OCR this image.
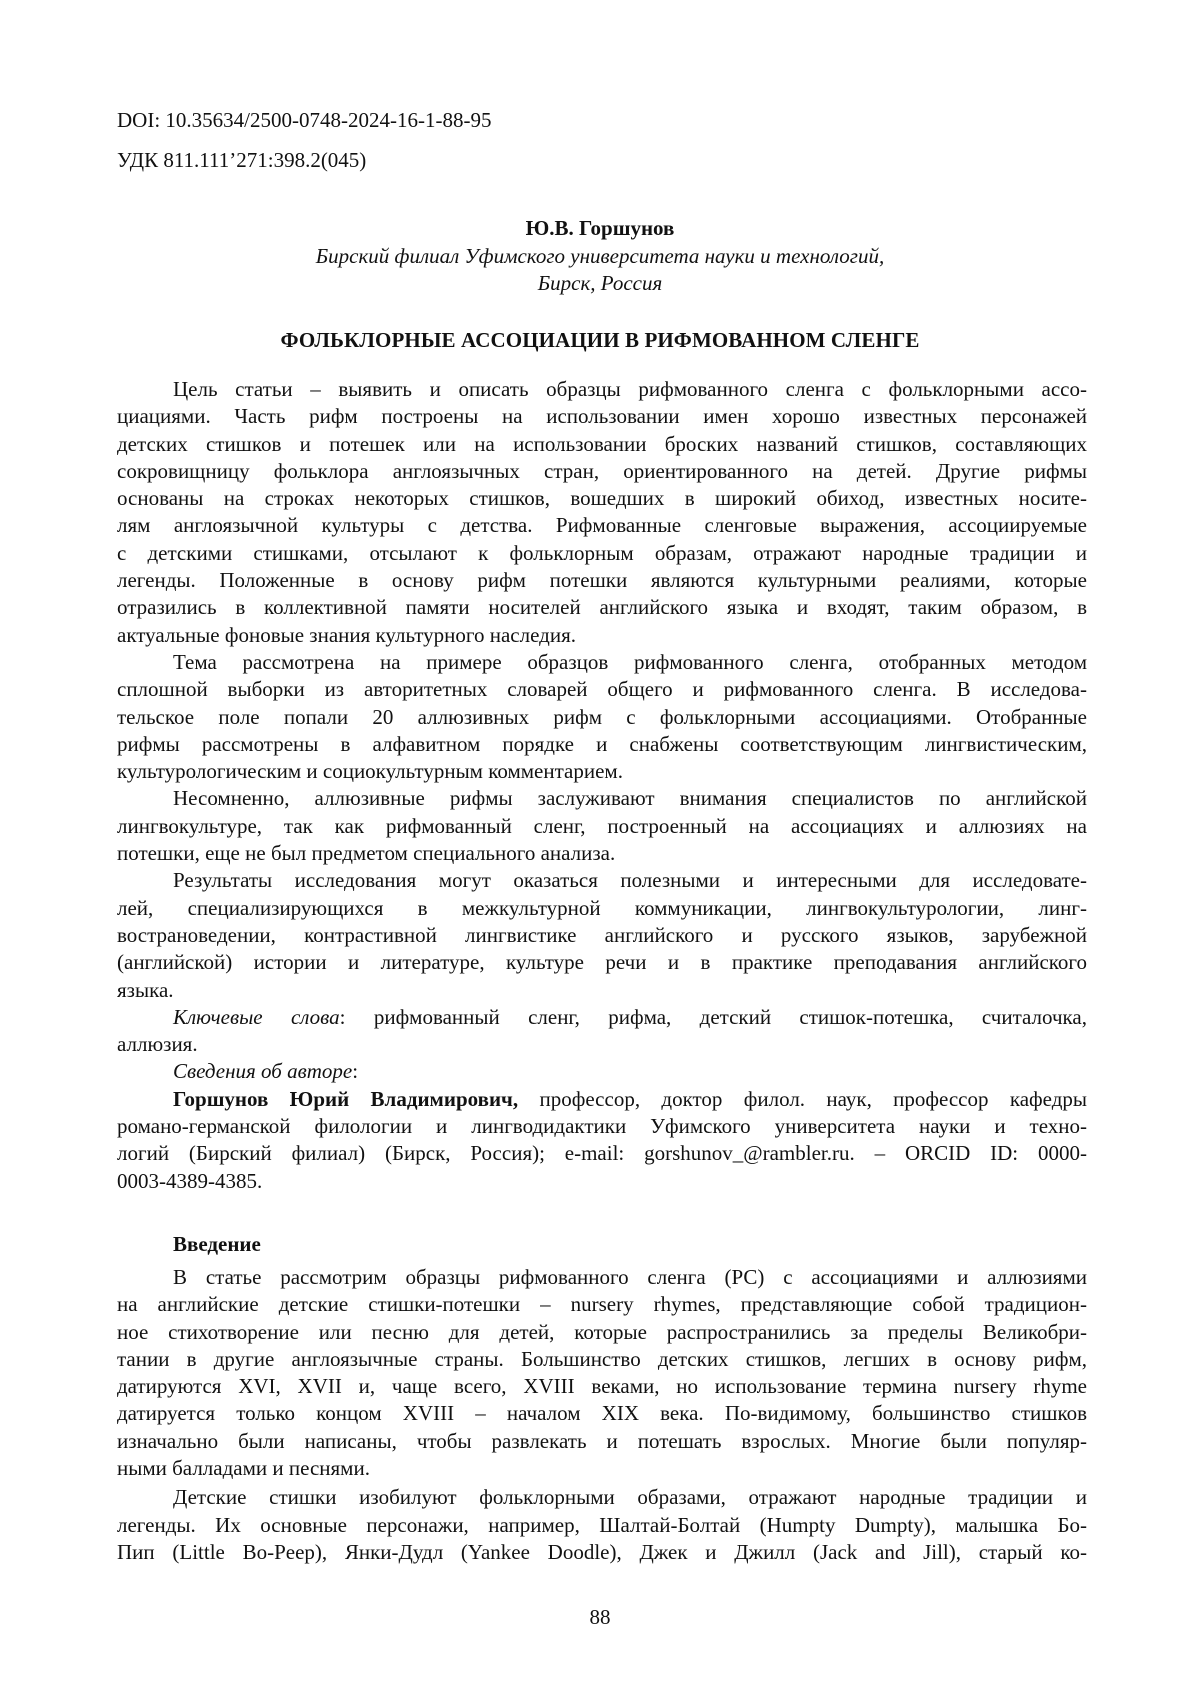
DOI: 10.35634/2500-0748-2024-16-1-88-95

УДК 811.111’271:398.2(045)

Ю.В. Горшунов

Бирский филиал Уфимского университета науки и технологий,

Бирск, Россия

ФОЛЬКЛОРНЫЕ АССОЦИАЦИИ В РИФМОВАННОМ СЛЕНГЕ

Цель статьи – выявить и описать образцы рифмованного сленга с фольклорными ассо-

циациями. Часть рифм построены на использовании имен хорошо известных персонажей

детских стишков и потешек или на использовании броских названий стишков, составляющих

сокровищницу фольклора англоязычных стран, ориентированного на детей. Другие рифмы

основаны на строках некоторых стишков, вошедших в широкий обиход, известных носите-

лям англоязычной культуры с детства. Рифмованные сленговые выражения, ассоциируемые

с детскими стишками, отсылают к фольклорным образам, отражают народные традиции и

легенды. Положенные в основу рифм потешки являются культурными реалиями, которые

отразились в коллективной памяти носителей английского языка и входят, таким образом, в

актуальные фоновые знания культурного наследия.

Тема рассмотрена на примере образцов рифмованного сленга, отобранных методом

сплошной выборки из авторитетных словарей общего и рифмованного сленга. В исследова-

тельское поле попали 20 аллюзивных рифм с фольклорными ассоциациями. Отобранные

рифмы рассмотрены в алфавитном порядке и снабжены соответствующим лингвистическим,

культурологическим и социокультурным комментарием.

Несомненно, аллюзивные рифмы заслуживают внимания специалистов по английской

лингвокультуре, так как рифмованный сленг, построенный на ассоциациях и аллюзиях на

потешки, еще не был предметом специального анализа.

Результаты исследования могут оказаться полезными и интересными для исследовате-

лей, специализирующихся в межкультурной коммуникации, лингвокультурологии, линг-

вострановедении, контрастивной лингвистике английского и русского языков, зарубежной

(английской) истории и литературе, культуре речи и в практике преподавания английского

языка.

Ключевые слова: рифмованный сленг, рифма, детский стишок-потешка, считалочка,

аллюзия.

Сведения об авторе:

Горшунов Юрий Владимирович, профессор, доктор филол. наук, профессор кафедры

романо-германской филологии и лингводидактики Уфимского университета науки и техно-

логий (Бирский филиал) (Бирск, Россия); e-mail: gorshunov_@rambler.ru. – ORCID ID: 0000-

0003-4389-4385.

Введение

В статье рассмотрим образцы рифмованного сленга (РС) с ассоциациями и аллюзиями

на английские детские стишки-потешки – nursery rhymes, представляющие собой традицион-

ное стихотворение или песню для детей, которые распространились за пределы Великобри-

тании в другие англоязычные страны. Большинство детских стишков, легших в основу рифм,

датируются XVI, XVII и, чаще всего, XVIII веками, но использование термина nursery rhyme

датируется только концом XVIII – началом XIX века. По-видимому, большинство стишков

изначально были написаны, чтобы развлекать и потешать взрослых. Многие были популяр-

ными балладами и песнями.

Детские стишки изобилуют фольклорными образами, отражают народные традиции и

легенды. Их основные персонажи, например, Шалтай-Болтай (Humpty Dumpty), малышка Бо-

Пип (Little Bo-Peep), Янки-Дудл (Yankee Doodle), Джек и Джилл (Jack and Jill), старый ко-

88
